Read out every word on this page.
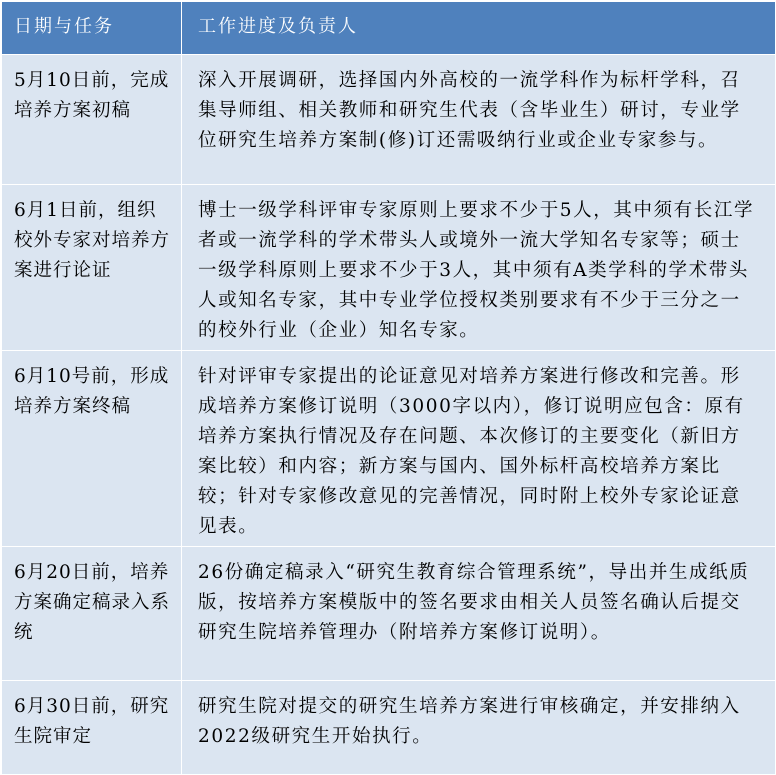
日期与任务	工作进度及负责人
5月10日前，完成培养方案初稿	深入开展调研，选择国内外高校的一流学科作为标杆学科，召集导师组、相关教师和研究生代表（含毕业生）研讨，专业学位研究生培养方案制(修)订还需吸纳行业或企业专家参与。
6月1日前，组织校外专家对培养方案进行论证	博士一级学科评审专家原则上要求不少于5人，其中须有长江学者或一流学科的学术带头人或境外一流大学知名专家等；硕士一级学科原则上要求不少于3人，其中须有A类学科的学术带头人或知名专家，其中专业学位授权类别要求有不少于三分之一的校外行业（企业）知名专家。
6月10号前，形成培养方案终稿	针对评审专家提出的论证意见对培养方案进行修改和完善。形成培养方案修订说明（3000字以内），修订说明应包含：原有培养方案执行情况及存在问题、本次修订的主要变化（新旧方案比较）和内容；新方案与国内、国外标杆高校培养方案比较；针对专家修改意见的完善情况，同时附上校外专家论证意见表。
6月20日前，培养方案确定稿录入系统	26份确定稿录入“研究生教育综合管理系统”，导出并生成纸质版，按培养方案模版中的签名要求由相关人员签名确认后提交研究生院培养管理办（附培养方案修订说明）。
6月30日前，研究生院审定	研究生院对提交的研究生培养方案进行审核确定，并安排纳入2022级研究生开始执行。
